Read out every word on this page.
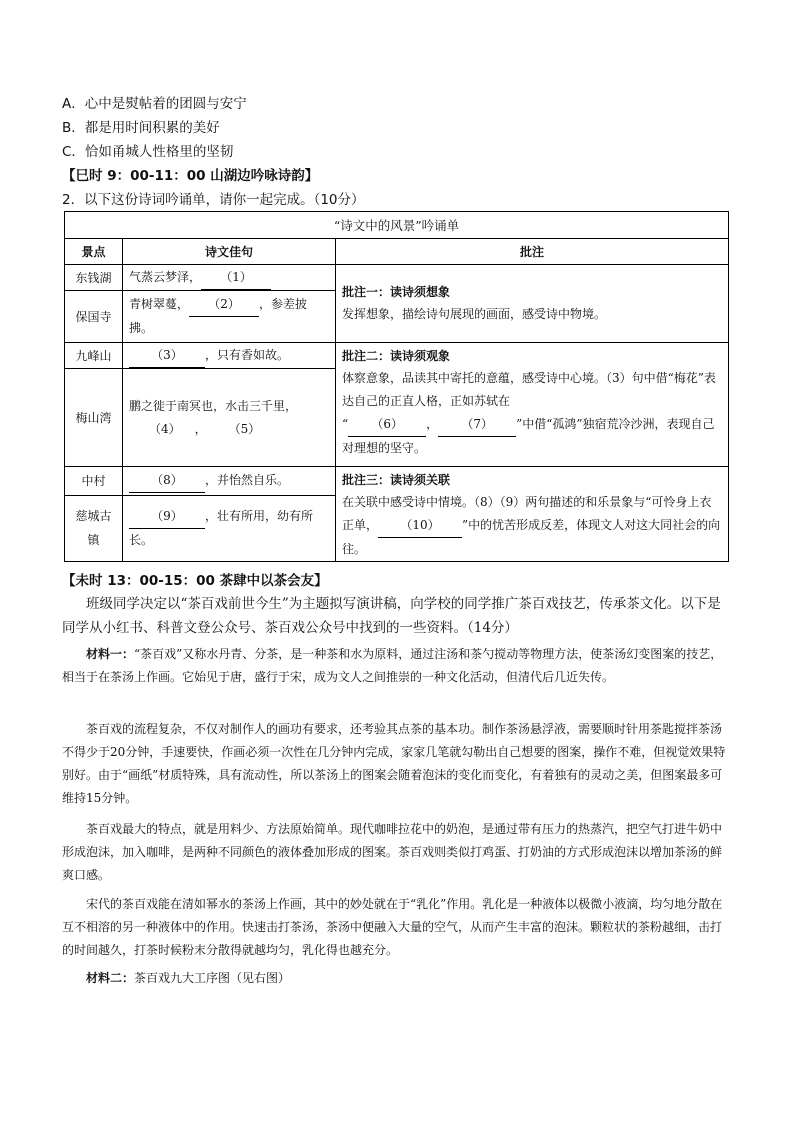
A．心中是熨帖着的团圆与安宁
B．都是用时间积累的美好
C．恰如甬城人性格里的坚韧
【巳时 9：00-11：00 山湖边吟咏诗韵】
2．以下这份诗词吟诵单，请你一起完成。（10分）
“诗文中的风景”吟诵单		
景点	诗文佳句	批注
东钱湖	气蒸云梦泽， （1）	批注一：读诗须想象
发挥想象，描绘诗句展现的画面，感受诗中物境。

保国寺	青树翠蔓， （2） ，参差披拂。	
九峰山	（3） ，只有香如故。	批注二：读诗须观象
体察意象，品读其中寄托的意蕴，感受诗中心境。（3）句中借“梅花”表达自己的正直人格，正如苏轼在
“ （6） ， （7） ”中借“孤鸿”独宿荒冷沙洲，表现自己对理想的坚守。

梅山湾	鹏之徙于南冥也，水击三千里，
（4） ， （5）	
中村	（8） ，并怡然自乐。	批注三：读诗须关联
在关联中感受诗中情境。（8）（9）两句描述的和乐景象与“可怜身上衣正单， （10） ”中的忧苦形成反差，体现文人对这大同社会的向往。

慈城古镇	（9） ，壮有所用，幼有所长。	
【未时 13：00-15：00 茶肆中以茶会友】

班级同学决定以“茶百戏前世今生”为主题拟写演讲稿，向学校的同学推广茶百戏技艺，传承茶文化。以下是同学从小红书、科普文登公众号、茶百戏公众号中找到的一些资料。（14分）

材料一：“茶百戏”又称水丹青、分茶，是一种茶和水为原料，通过注汤和茶勺搅动等物理方法，使茶汤幻变图案的技艺，相当于在茶汤上作画。它始见于唐，盛行于宋，成为文人之间推崇的一种文化活动，但清代后几近失传。

茶百戏的流程复杂，不仅对制作人的画功有要求，还考验其点茶的基本功。制作茶汤悬浮液，需要顺时针用茶匙搅拌茶汤不得少于20分钟，手速要快，作画必须一次性在几分钟内完成，家家几笔就勾勒出自己想要的图案，操作不难，但视觉效果特别好。由于“画纸”材质特殊，具有流动性，所以茶汤上的图案会随着泡沫的变化而变化，有着独有的灵动之美，但图案最多可维持15分钟。

茶百戏最大的特点，就是用料少、方法原始简单。现代咖啡拉花中的奶泡，是通过带有压力的热蒸汽，把空气打进牛奶中形成泡沫，加入咖啡，是两种不同颜色的液体叠加形成的图案。茶百戏则类似打鸡蛋、打奶油的方式形成泡沫以增加茶汤的鲜爽口感。

宋代的茶百戏能在清如幂水的茶汤上作画，其中的妙处就在于“乳化”作用。乳化是一种液体以极微小液滴，均匀地分散在互不相溶的另一种液体中的作用。快速击打茶汤，茶汤中便融入大量的空气，从而产生丰富的泡沫。颗粒状的茶粉越细，击打的时间越久，打茶时候粉末分散得就越均匀，乳化得也越充分。

材料二：茶百戏九大工序图（见右图）
